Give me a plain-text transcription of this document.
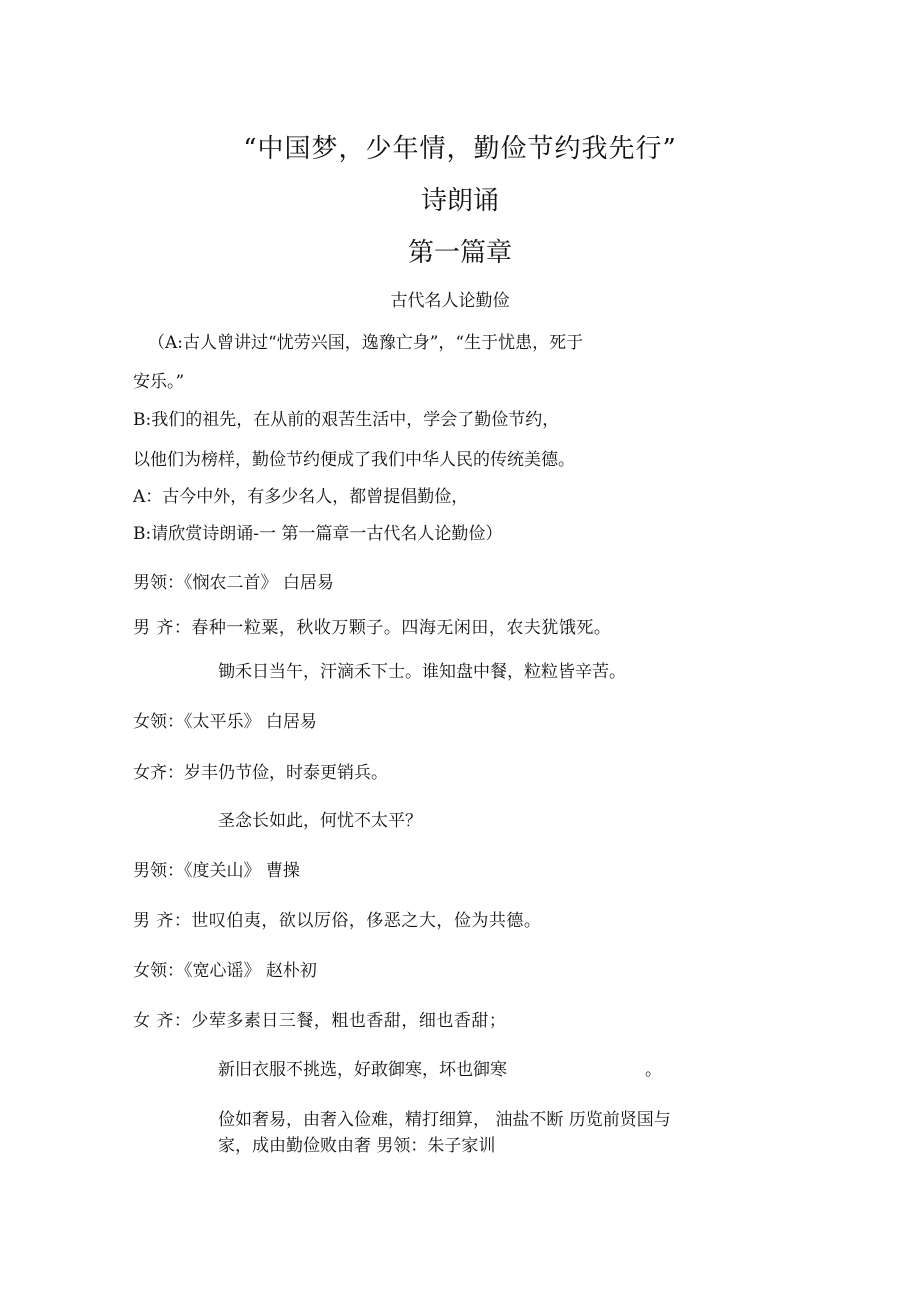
“中国梦，少年情，勤俭节约我先行”

诗朗诵

第一篇章

古代名人论勤俭

（A:古人曾讲过“忧劳兴国，逸豫亡身”，“生于忧患，死于

安乐。”

B:我们的祖先，在从前的艰苦生活中，学会了勤俭节约，

以他们为榜样，勤俭节约便成了我们中华人民的传统美德。

A：古今中外，有多少名人，都曾提倡勤俭，

B:请欣赏诗朗诵-一 第一篇章一古代名人论勤俭）

男领：《悯农二首》 白居易

男 齐：春种一粒粟，秋收万颗子。四海无闲田，农夫犹饿死。

锄禾日当午，汗滴禾下士。谁知盘中餐，粒粒皆辛苦。

女领：《太平乐》 白居易

女齐：岁丰仍节俭，时泰更销兵。

圣念长如此，何忧不太平？

男领：《度关山》 曹操

男 齐：世叹伯夷，欲以厉俗，侈恶之大，俭为共德。

女领：《宽心谣》 赵朴初

女 齐：少荤多素日三餐，粗也香甜，细也香甜；

新旧衣服不挑选，好敢御寒，坏也御寒	。

俭如奢易，由奢入俭难，精打细算， 油盐不断 历览前贤国与

家，成由勤俭败由奢 男领：朱子家训
